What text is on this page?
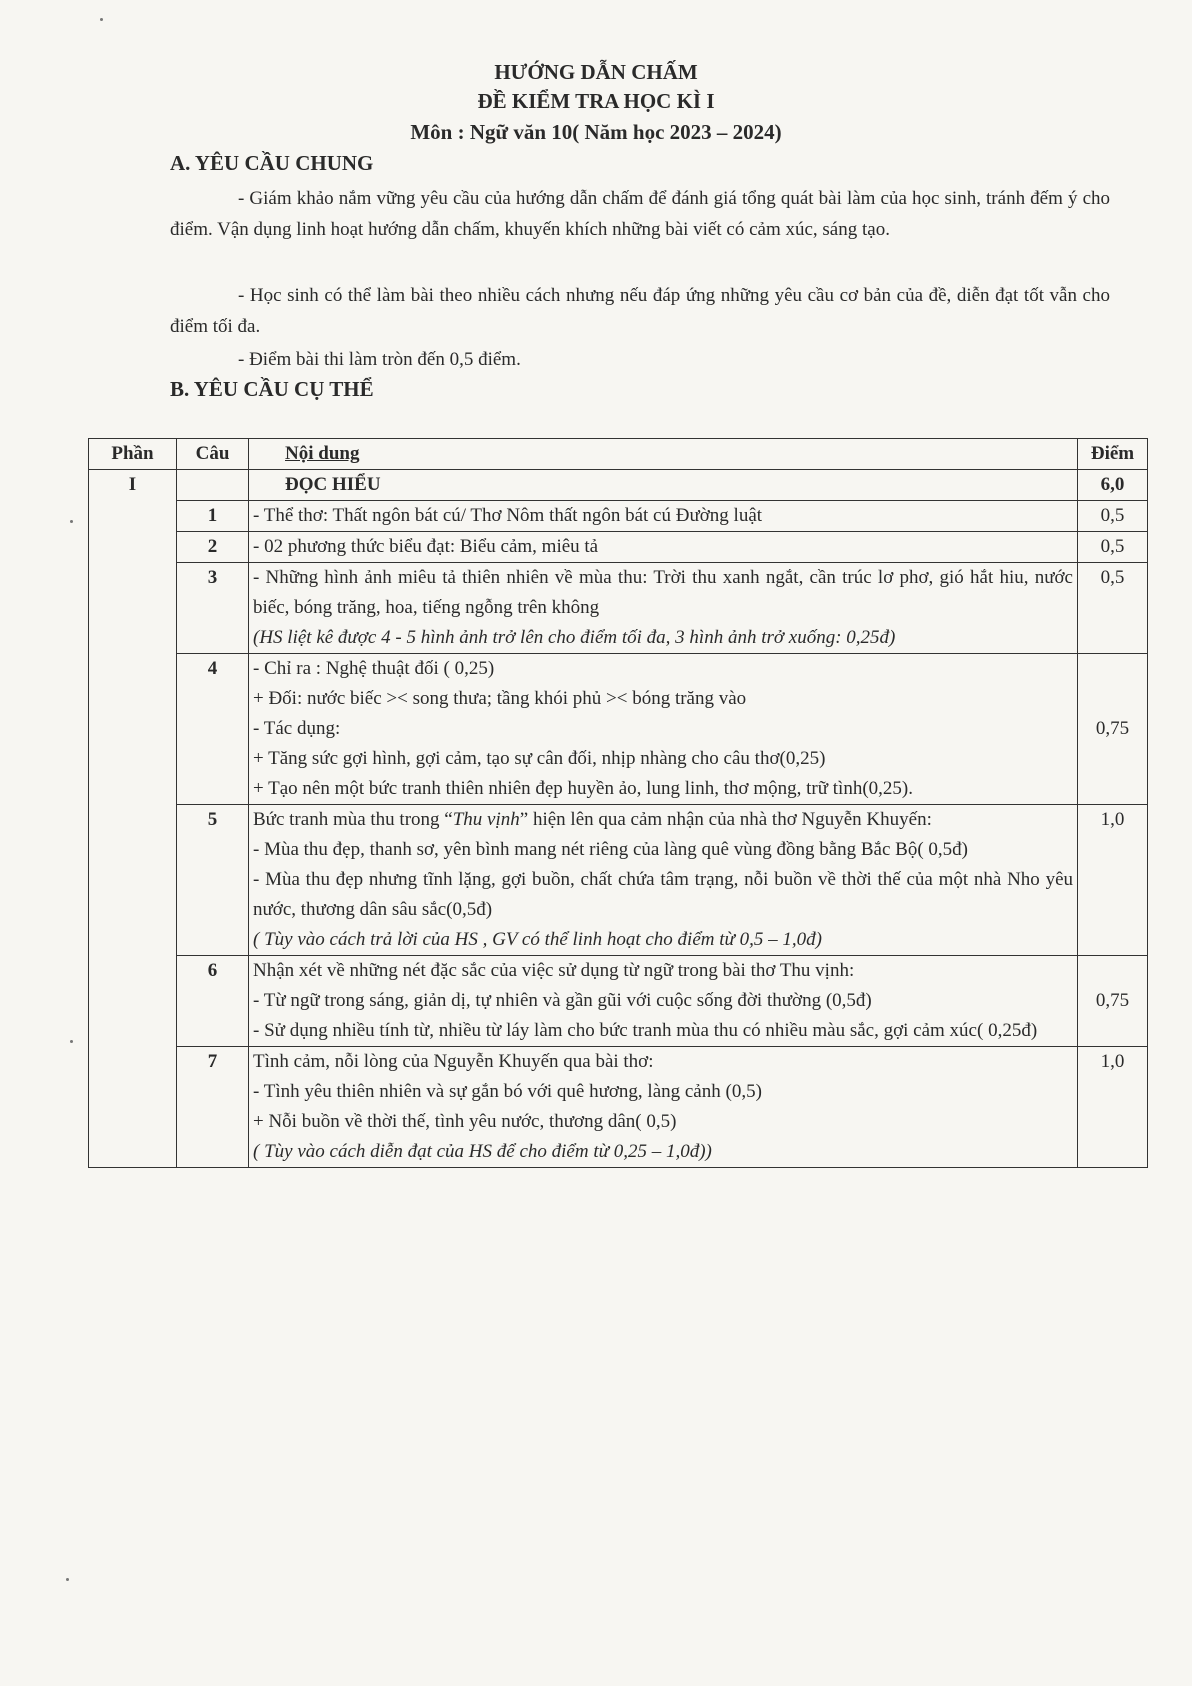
HƯỚNG DẪN CHẤM
ĐỀ KIỂM TRA HỌC KÌ I
Môn : Ngữ văn 10( Năm học 2023 – 2024)
A. YÊU CẦU CHUNG
- Giám khảo nắm vững yêu cầu của hướng dẫn chấm để đánh giá tổng quát bài làm của học sinh, tránh đếm ý cho điểm. Vận dụng linh hoạt hướng dẫn chấm, khuyến khích những bài viết có cảm xúc, sáng tạo.
- Học sinh có thể làm bài theo nhiều cách nhưng nếu đáp ứng những yêu cầu cơ bản của đề, diễn đạt tốt vẫn cho điểm tối đa.
- Điểm bài thi làm tròn đến 0,5 điểm.
B. YÊU CẦU CỤ THỂ
Phần	Câu	Nội dung	Điểm
I		ĐỌC HIỂU	6,0
	1	- Thể thơ: Thất ngôn bát cú/ Thơ Nôm thất ngôn bát cú Đường luật	0,5
	2	- 02 phương thức biểu đạt: Biểu cảm, miêu tả	0,5
	3	- Những hình ảnh miêu tả thiên nhiên về mùa thu: Trời thu xanh ngắt, cần trúc lơ phơ, gió hắt hiu, nước biếc, bóng trăng, hoa, tiếng ngỗng trên không
(HS liệt kê được 4 - 5 hình ảnh trở lên cho điểm tối đa, 3 hình ảnh trở xuống: 0,25đ)	0,5
	4	- Chỉ ra : Nghệ thuật đối ( 0,25)
+ Đối: nước biếc >< song thưa; tầng khói phủ >< bóng trăng vào
- Tác dụng:
+ Tăng sức gợi hình, gợi cảm, tạo sự cân đối, nhịp nhàng cho câu thơ(0,25)
+ Tạo nên một bức tranh thiên nhiên đẹp huyền ảo, lung linh, thơ mộng, trữ tình(0,25).	0,75
	5	Bức tranh mùa thu trong “Thu vịnh” hiện lên qua cảm nhận của nhà thơ Nguyễn Khuyến:
- Mùa thu đẹp, thanh sơ, yên bình mang nét riêng của làng quê vùng đồng bằng Bắc Bộ( 0,5đ)
- Mùa thu đẹp nhưng tĩnh lặng, gợi buồn, chất chứa tâm trạng, nỗi buồn về thời thế của một nhà Nho yêu nước, thương dân sâu sắc(0,5đ)
( Tùy vào cách trả lời của HS , GV có thể linh hoạt cho điểm từ 0,5 – 1,0đ)	1,0
	6	Nhận xét về những nét đặc sắc của việc sử dụng từ ngữ trong bài thơ Thu vịnh:
- Từ ngữ trong sáng, giản dị, tự nhiên và gần gũi với cuộc sống đời thường (0,5đ)
- Sử dụng nhiều tính từ, nhiều từ láy làm cho bức tranh mùa thu có nhiều màu sắc, gợi cảm xúc( 0,25đ)	0,75
	7	Tình cảm, nỗi lòng của Nguyễn Khuyến qua bài thơ:
- Tình yêu thiên nhiên và sự gắn bó với quê hương, làng cảnh (0,5)
+ Nỗi buồn về thời thế, tình yêu nước, thương dân( 0,5)
( Tùy vào cách diễn đạt của HS để cho điểm từ 0,25 – 1,0đ))	1,0
